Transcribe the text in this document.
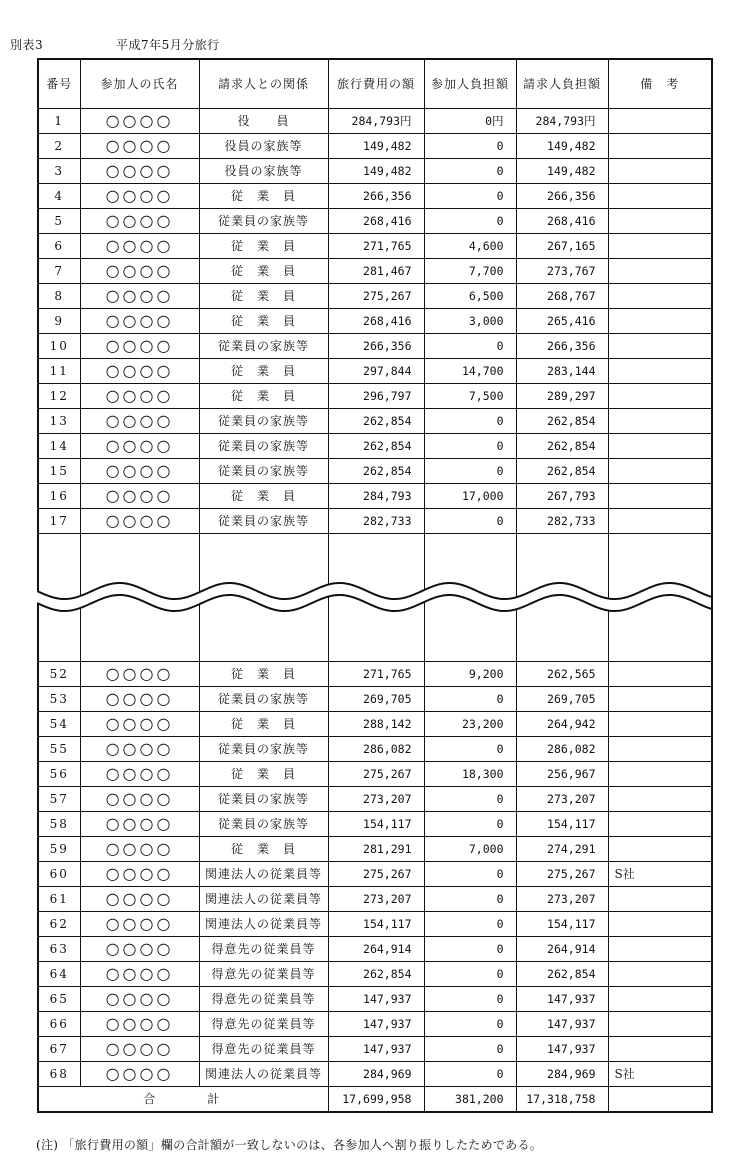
別表3	平成7年5月分旅行
番号	参加人の氏名	請求人との関係	旅行費用の額	参加人負担額	請求人負担額	備　考
1	○○○○	役　　員	284,793円	0円	284,793円	
2	○○○○	役員の家族等	149,482	0	149,482	
3	○○○○	役員の家族等	149,482	0	149,482	
4	○○○○	従　業　員	266,356	0	266,356	
5	○○○○	従業員の家族等	268,416	0	268,416	
6	○○○○	従　業　員	271,765	4,600	267,165	
7	○○○○	従　業　員	281,467	7,700	273,767	
8	○○○○	従　業　員	275,267	6,500	268,767	
9	○○○○	従　業　員	268,416	3,000	265,416	
10	○○○○	従業員の家族等	266,356	0	266,356	
11	○○○○	従　業　員	297,844	14,700	283,144	
12	○○○○	従　業　員	296,797	7,500	289,297	
13	○○○○	従業員の家族等	262,854	0	262,854	
14	○○○○	従業員の家族等	262,854	0	262,854	
15	○○○○	従業員の家族等	262,854	0	262,854	
16	○○○○	従　業　員	284,793	17,000	267,793	
17	○○○○	従業員の家族等	282,733	0	282,733	

52	○○○○	従　業　員	271,765	9,200	262,565	
53	○○○○	従業員の家族等	269,705	0	269,705	
54	○○○○	従　業　員	288,142	23,200	264,942	
55	○○○○	従業員の家族等	286,082	0	286,082	
56	○○○○	従　業　員	275,267	18,300	256,967	
57	○○○○	従業員の家族等	273,207	0	273,207	
58	○○○○	従業員の家族等	154,117	0	154,117	
59	○○○○	従　業　員	281,291	7,000	274,291	
60	○○○○	関連法人の従業員等	275,267	0	275,267	S社
61	○○○○	関連法人の従業員等	273,207	0	273,207	
62	○○○○	関連法人の従業員等	154,117	0	154,117	
63	○○○○	得意先の従業員等	264,914	0	264,914	
64	○○○○	得意先の従業員等	262,854	0	262,854	
65	○○○○	得意先の従業員等	147,937	0	147,937	
66	○○○○	得意先の従業員等	147,937	0	147,937	
67	○○○○	得意先の従業員等	147,937	0	147,937	
68	○○○○	関連法人の従業員等	284,969	0	284,969	S社
合　　　計			17,699,958	381,200	17,318,758	
(注) 「旅行費用の額」欄の合計額が一致しないのは、各参加人へ割り振りしたためである。
